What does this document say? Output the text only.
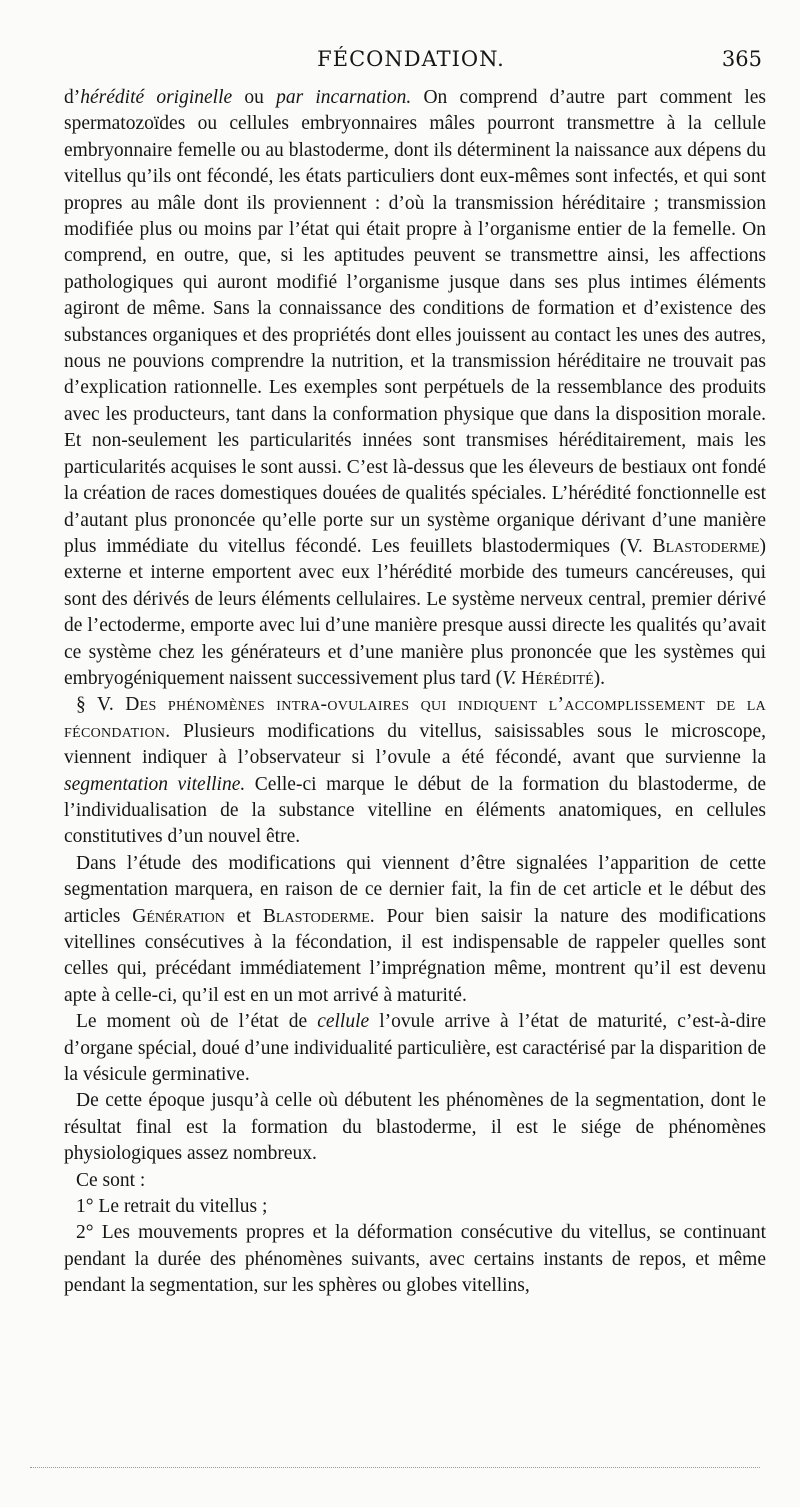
FÉCONDATION.	365

d’hérédité originelle ou par incarnation. On comprend d’autre part comment les spermatozoïdes ou cellules embryonnaires mâles pourront transmettre à la cellule embryonnaire femelle ou au blastoderme, dont ils déterminent la naissance aux dépens du vitellus qu’ils ont fécondé, les états particuliers dont eux-mêmes sont infectés, et qui sont propres au mâle dont ils proviennent : d’où la transmission héréditaire ; transmission modifiée plus ou moins par l’état qui était propre à l’organisme entier de la femelle. On comprend, en outre, que, si les aptitudes peuvent se transmettre ainsi, les affections pathologiques qui auront modifié l’organisme jusque dans ses plus intimes éléments agiront de même. Sans la connaissance des conditions de formation et d’existence des substances organiques et des propriétés dont elles jouissent au contact les unes des autres, nous ne pouvions comprendre la nutrition, et la transmission héréditaire ne trouvait pas d’explication rationnelle. Les exemples sont perpétuels de la ressemblance des produits avec les producteurs, tant dans la conformation physique que dans la disposition morale. Et non-seulement les particularités innées sont transmises héréditairement, mais les particularités acquises le sont aussi. C’est là-dessus que les éleveurs de bestiaux ont fondé la création de races domestiques douées de qualités spéciales. L’hérédité fonctionnelle est d’autant plus prononcée qu’elle porte sur un système organique dérivant d’une manière plus immédiate du vitellus fécondé. Les feuillets blastodermiques (V. Blastoderme) externe et interne emportent avec eux l’hérédité morbide des tumeurs cancéreuses, qui sont des dérivés de leurs éléments cellulaires. Le système nerveux central, premier dérivé de l’ectoderme, emporte avec lui d’une manière presque aussi directe les qualités qu’avait ce système chez les générateurs et d’une manière plus prononcée que les systèmes qui embryogéniquement naissent successivement plus tard (V. Hérédité).

§ V. Des phénomènes intra-ovulaires qui indiquent l’accomplissement de la fécondation. Plusieurs modifications du vitellus, saisissables sous le microscope, viennent indiquer à l’observateur si l’ovule a été fécondé, avant que survienne la segmentation vitelline. Celle-ci marque le début de la formation du blastoderme, de l’individualisation de la substance vitelline en éléments anatomiques, en cellules constitutives d’un nouvel être.

Dans l’étude des modifications qui viennent d’être signalées l’apparition de cette segmentation marquera, en raison de ce dernier fait, la fin de cet article et le début des articles Génération et Blastoderme. Pour bien saisir la nature des modifications vitellines consécutives à la fécondation, il est indispensable de rappeler quelles sont celles qui, précédant immédiatement l’imprégnation même, montrent qu’il est devenu apte à celle-ci, qu’il est en un mot arrivé à maturité.

Le moment où de l’état de cellule l’ovule arrive à l’état de maturité, c’est-à-dire d’organe spécial, doué d’une individualité particulière, est caractérisé par la disparition de la vésicule germinative.

De cette époque jusqu’à celle où débutent les phénomènes de la segmentation, dont le résultat final est la formation du blastoderme, il est le siége de phénomènes physiologiques assez nombreux.

Ce sont :

1° Le retrait du vitellus ;

2° Les mouvements propres et la déformation consécutive du vitellus, se continuant pendant la durée des phénomènes suivants, avec certains instants de repos, et même pendant la segmentation, sur les sphères ou globes vitellins,
